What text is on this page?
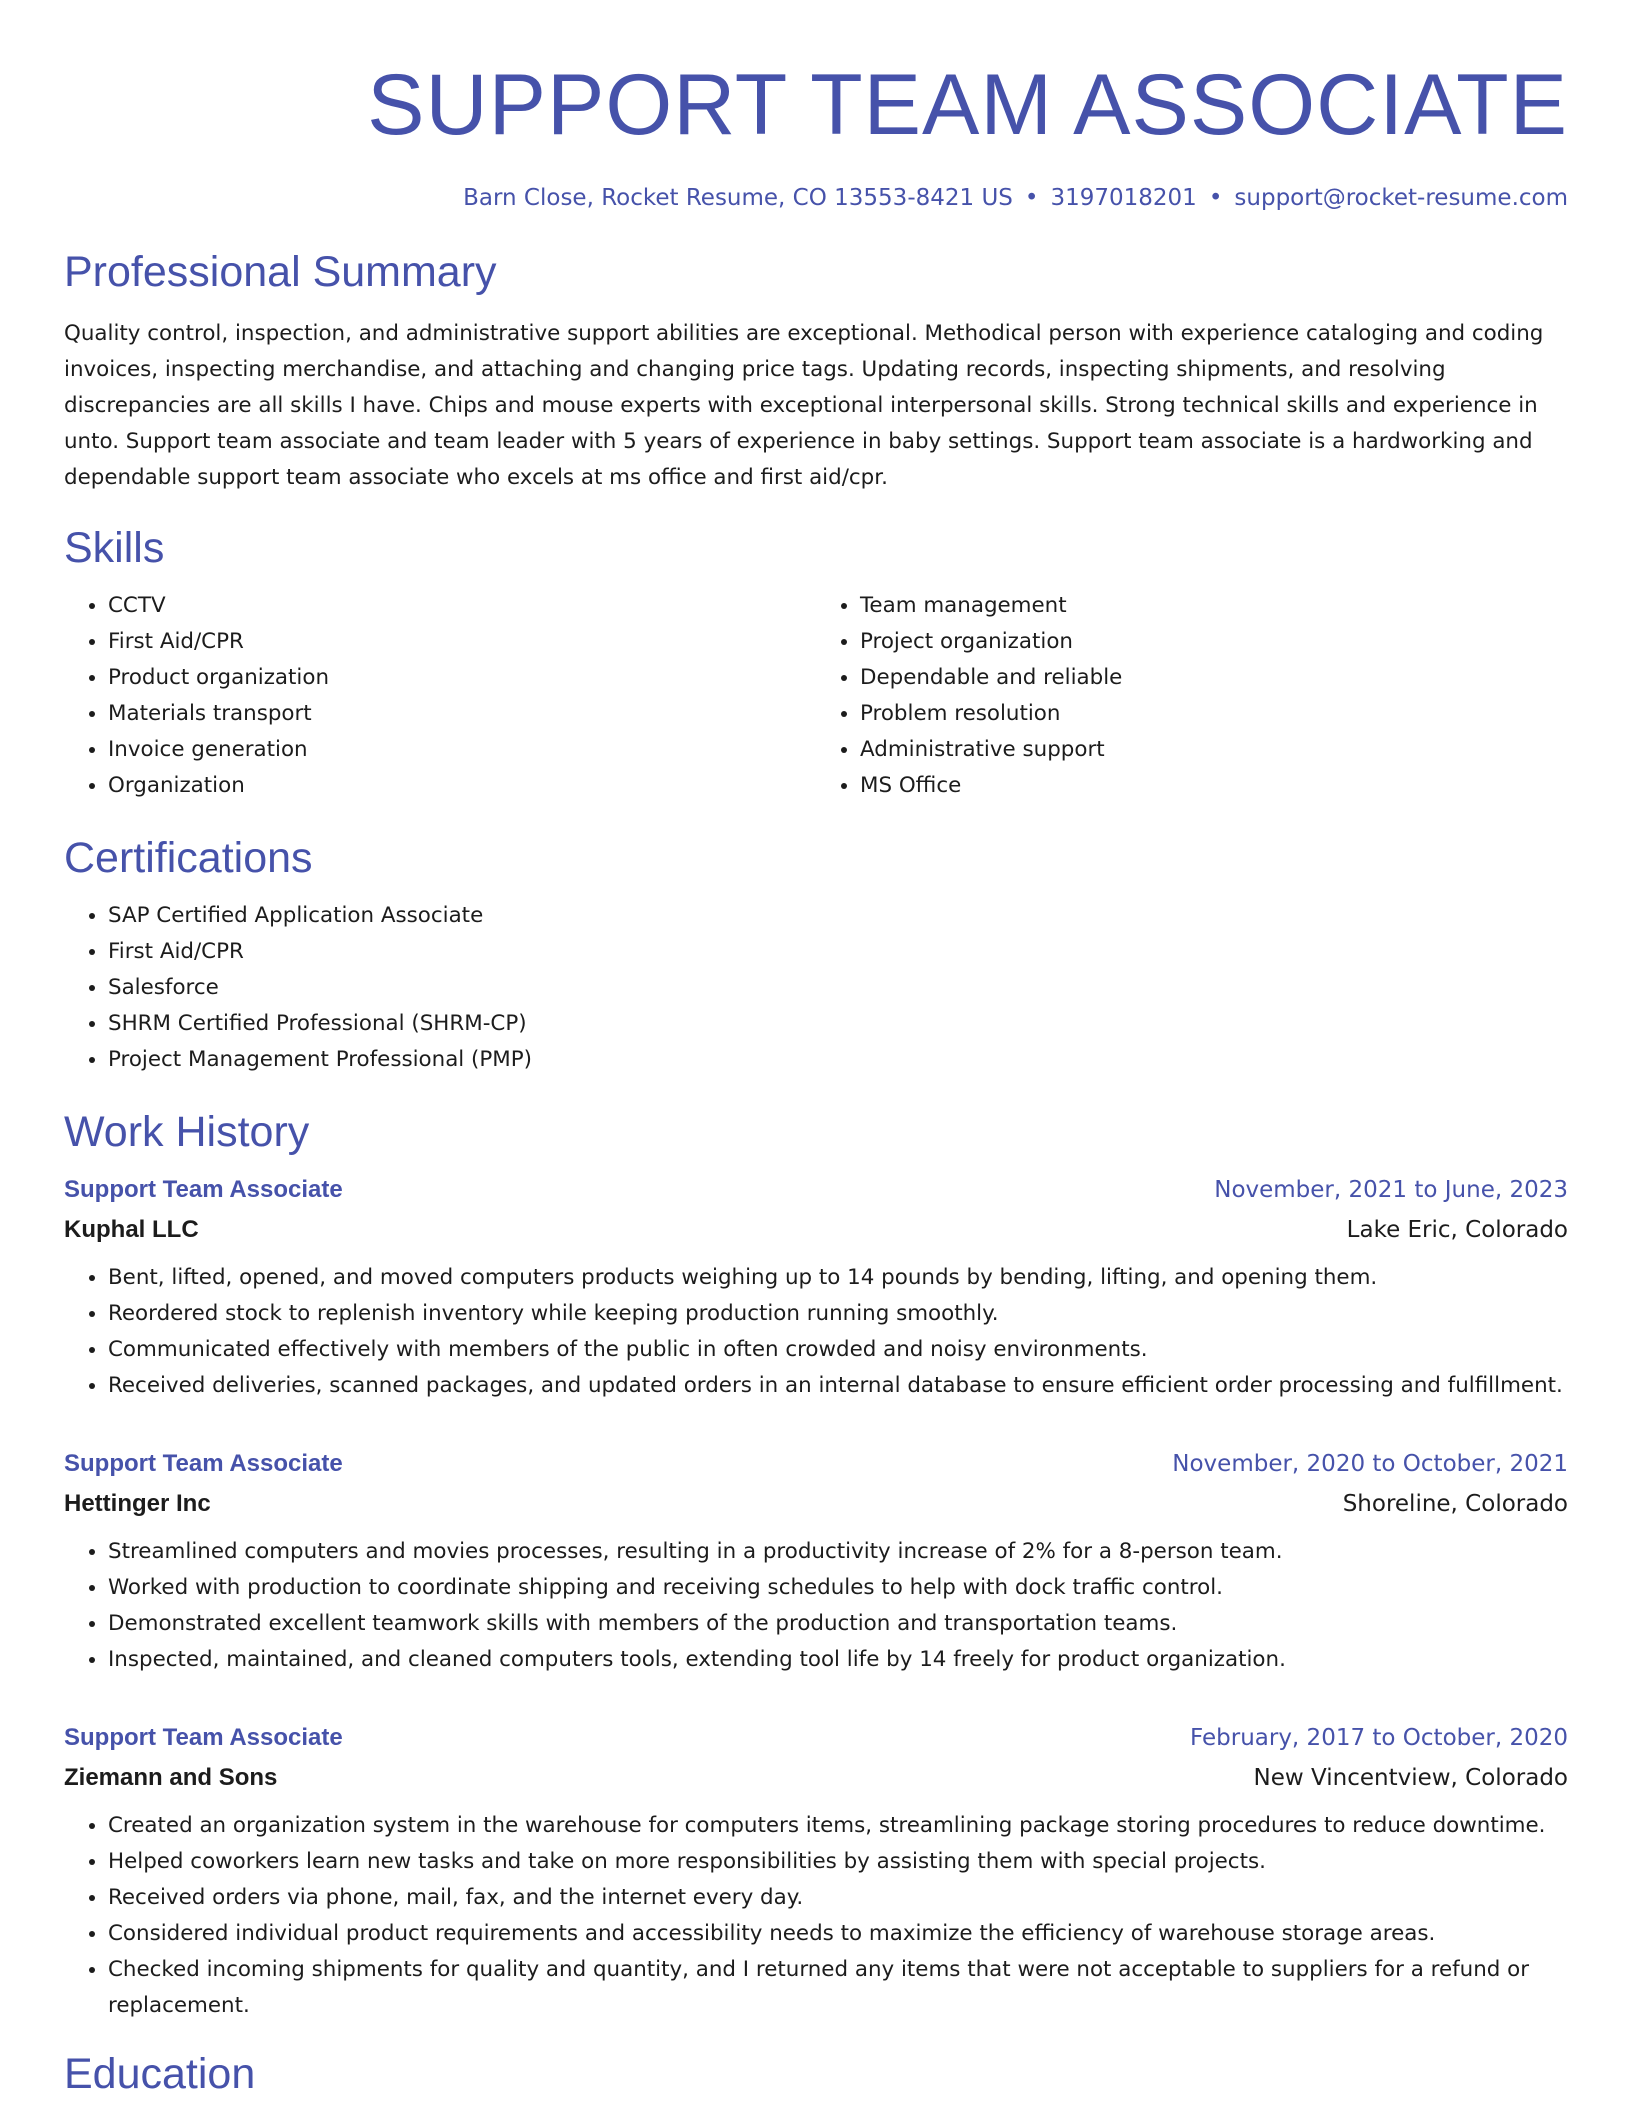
SUPPORT TEAM ASSOCIATE
Barn Close, Rocket Resume, CO 13553-8421 US • 3197018201 • support@rocket-resume.com
Professional Summary

Quality control, inspection, and administrative support abilities are exceptional. Methodical person with experience cataloging and coding invoices, inspecting merchandise, and attaching and changing price tags. Updating records, inspecting shipments, and resolving discrepancies are all skills I have. Chips and mouse experts with exceptional interpersonal skills. Strong technical skills and experience in unto. Support team associate and team leader with 5 years of experience in baby settings. Support team associate is a hardworking and dependable support team associate who excels at ms office and first aid/cpr.

Skills
• CCTV
• First Aid/CPR
• Product organization
• Materials transport
• Invoice generation
• Organization
• Team management
• Project organization
• Dependable and reliable
• Problem resolution
• Administrative support
• MS Office
Certifications
• SAP Certified Application Associate
• First Aid/CPR
• Salesforce
• SHRM Certified Professional (SHRM-CP)
• Project Management Professional (PMP)
Work History
Support Team Associate	November, 2021 to June, 2023
Kuphal LLC	Lake Eric, Colorado
• Bent, lifted, opened, and moved computers products weighing up to 14 pounds by bending, lifting, and opening them.
• Reordered stock to replenish inventory while keeping production running smoothly.
• Communicated effectively with members of the public in often crowded and noisy environments.
• Received deliveries, scanned packages, and updated orders in an internal database to ensure efficient order processing and fulfillment.
Support Team Associate	November, 2020 to October, 2021
Hettinger Inc	Shoreline, Colorado
• Streamlined computers and movies processes, resulting in a productivity increase of 2% for a 8-person team.
• Worked with production to coordinate shipping and receiving schedules to help with dock traffic control.
• Demonstrated excellent teamwork skills with members of the production and transportation teams.
• Inspected, maintained, and cleaned computers tools, extending tool life by 14 freely for product organization.
Support Team Associate	February, 2017 to October, 2020
Ziemann and Sons	New Vincentview, Colorado
• Created an organization system in the warehouse for computers items, streamlining package storing procedures to reduce downtime.
• Helped coworkers learn new tasks and take on more responsibilities by assisting them with special projects.
• Received orders via phone, mail, fax, and the internet every day.
• Considered individual product requirements and accessibility needs to maximize the efficiency of warehouse storage areas.
• Checked incoming shipments for quality and quantity, and I returned any items that were not acceptable to suppliers for a refund or replacement.
Education
